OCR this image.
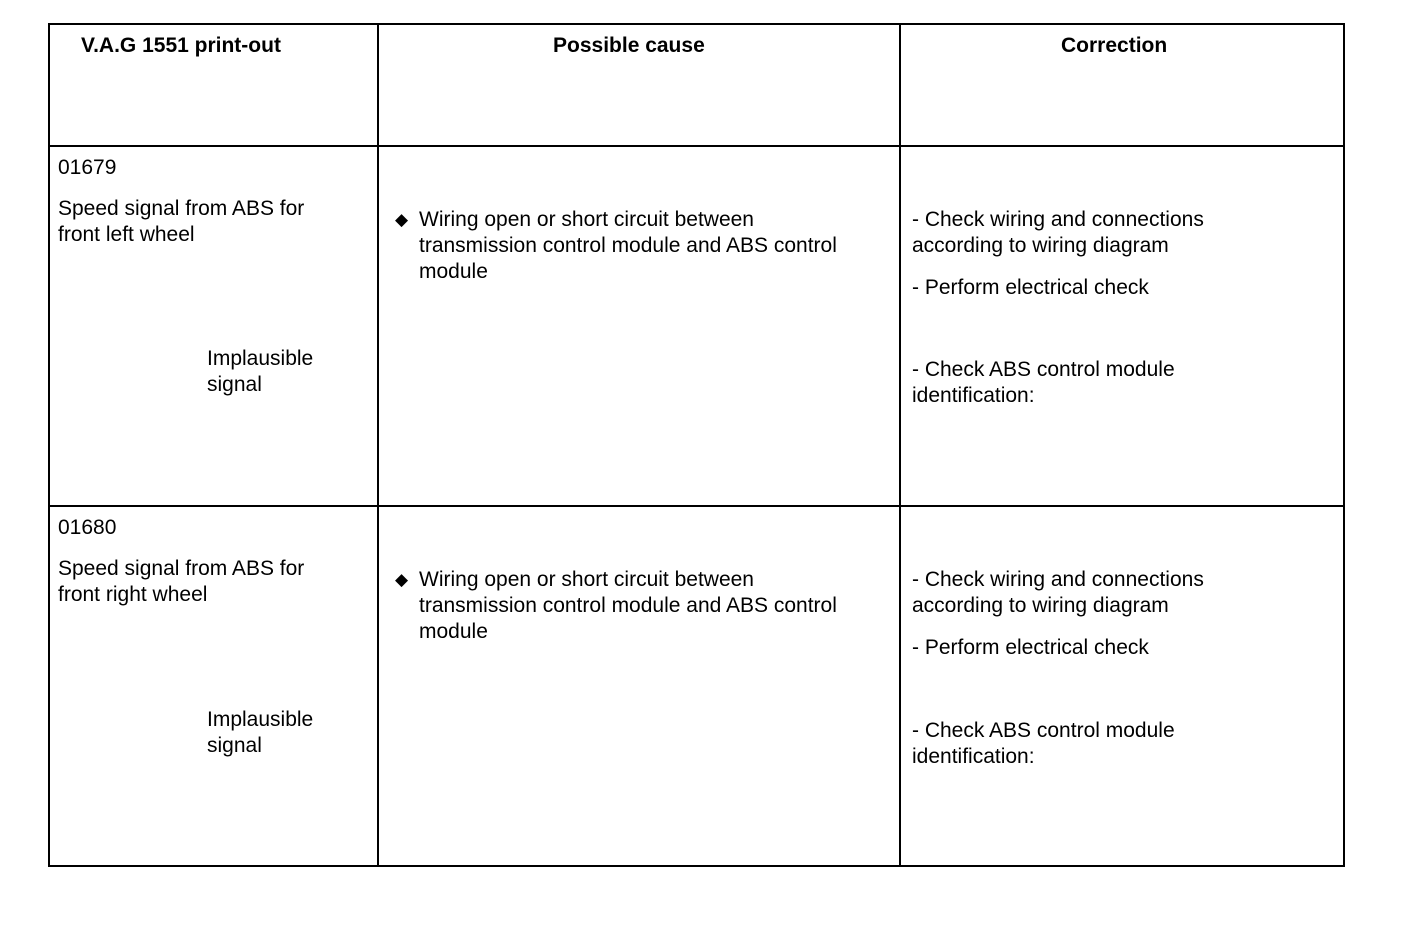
V.A.G 1551 print-out	Possible cause	Correction
01679
Speed signal from ABS for
front left wheel
Implausible
signal
◆ Wiring open or short circuit between
transmission control module and ABS control
module
- Check wiring and connections
according to wiring diagram
- Perform electrical check
- Check ABS control module
identification:
01680
Speed signal from ABS for
front right wheel
Implausible
signal
◆ Wiring open or short circuit between
transmission control module and ABS control
module
- Check wiring and connections
according to wiring diagram
- Perform electrical check
- Check ABS control module
identification:
